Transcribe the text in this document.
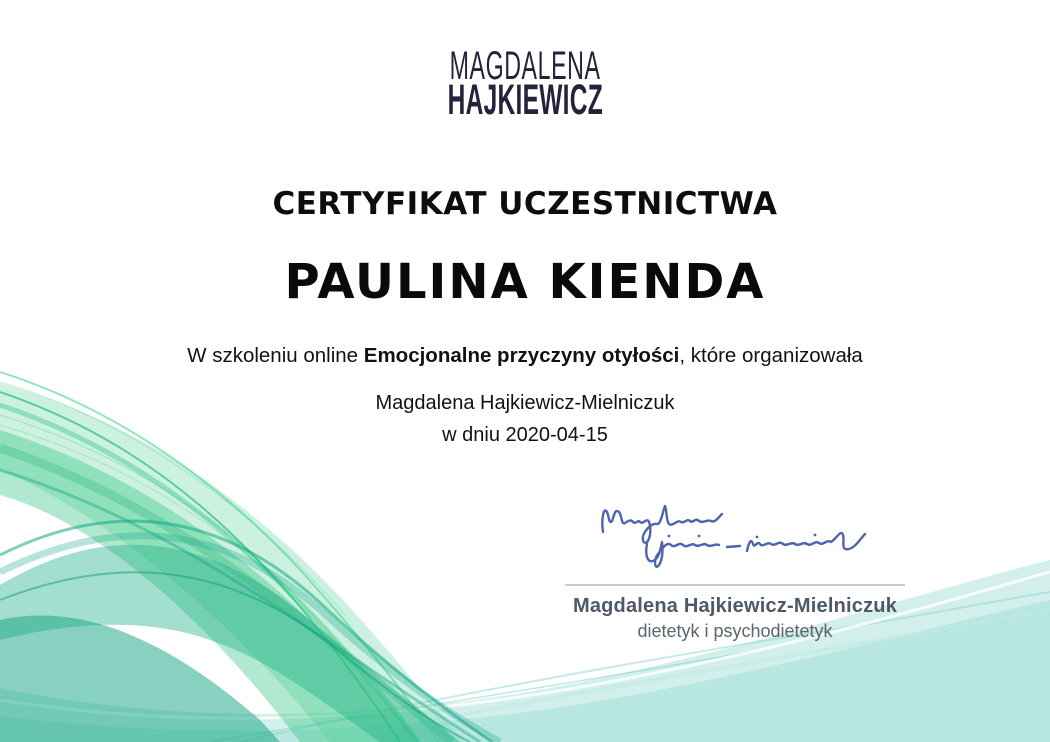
MAGDALENA
HAJKIEWICZ
CERTYFIKAT UCZESTNICTWA
PAULINA KIENDA
W szkoleniu online Emocjonalne przyczyny otyłości, które organizowała
Magdalena Hajkiewicz-Mielniczuk
w dniu 2020-04-15
Magdalena Hajkiewicz-Mielniczuk
dietetyk i psychodietetyk
